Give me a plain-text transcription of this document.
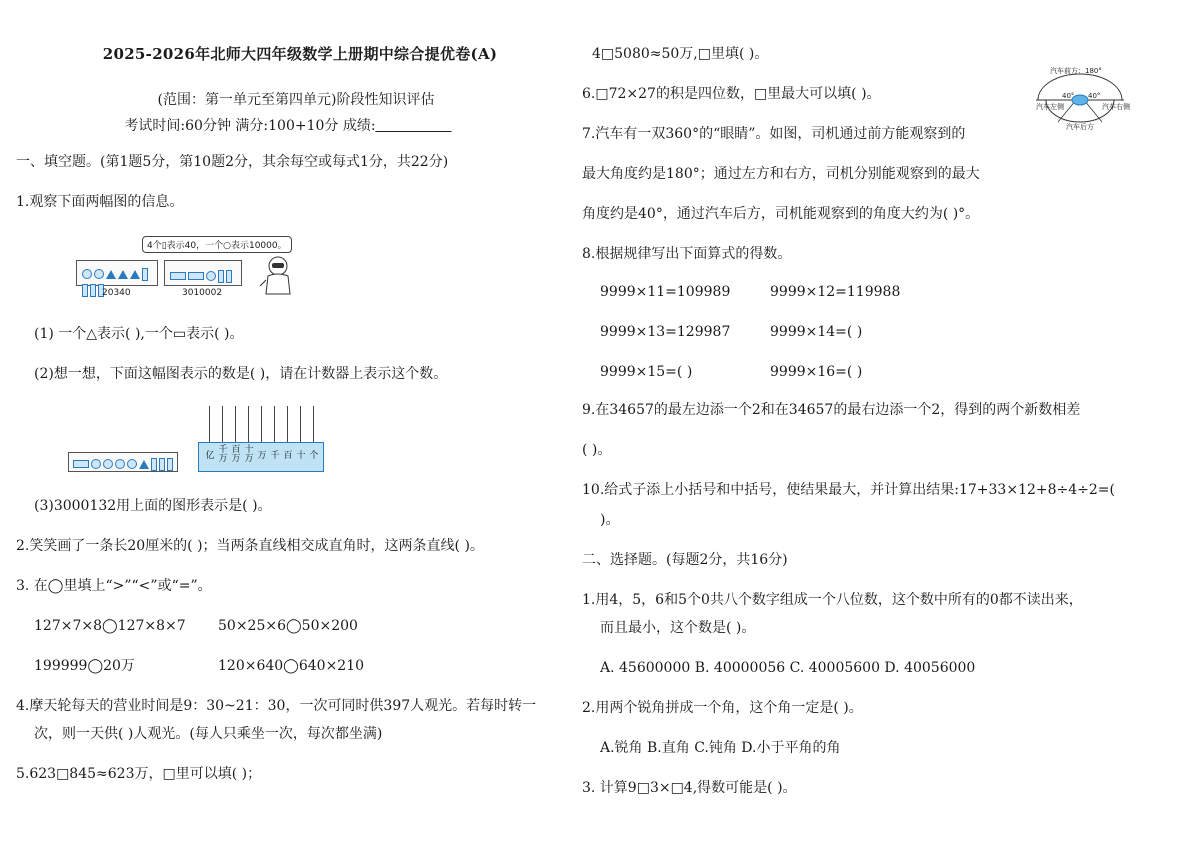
2025-2026年北师大四年级数学上册期中综合提优卷(A)
(范围：第一单元至第四单元)阶段性知识评估
考试时间:60分钟 满分:100+10分 成绩:
一、填空题。(第1题5分，第10题2分，其余每空或每式1分，共22分)
1.观察下面两幅图的信息。
4个▯表示40，一个○表示10000。
20340	3010002
(1) 一个△表示( ),一个▭表示( )。
(2)想一想，下面这幅图表示的数是( )，请在计数器上表示这个数。
亿
千万
百万
十万 万 千 百 十 个
(3)3000132用上面的图形表示是( )。
2.笑笑画了一条长20厘米的( )；当两条直线相交成直角时，这两条直线( )。
3. 在◯里填上“>”“<”或“=”。
127×7×8◯127×8×7 50×25×6◯50×200
199999◯20万	120×640◯640×210
4.摩天轮每天的营业时间是9：30~21：30，一次可同时供397人观光。若每时转一
次，则一天供( )人观光。(每人只乘坐一次，每次都坐满)
5.623□845≈623万，□里可以填( )；
4□5080≈50万,□里填( )。
6.□72×27的积是四位数，□里最大可以填( )。
汽车前方：180°
汽车左侧	汽车右侧
40° 40°
汽车后方
7.汽车有一双360°的“眼睛”。如图，司机通过前方能观察到的
最大角度约是180°；通过左方和右方，司机分别能观察到的最大
角度约是40°，通过汽车后方，司机能观察到的角度大约为( )°。
8.根据规律写出下面算式的得数。
9999×11=109989	9999×12=119988
9999×13=129987	9999×14=( )
9999×15=( )	9999×16=( )
9.在34657的最左边添一个2和在34657的最右边添一个2，得到的两个新数相差
( )。
10.给式子添上小括号和中括号，使结果最大，并计算出结果:17+33×12+8÷4÷2=(
)。
二、选择题。(每题2分，共16分)
1.用4，5，6和5个0共八个数字组成一个八位数，这个数中所有的0都不读出来，
而且最小，这个数是( )。
A. 45600000 B. 40000056 C. 40005600 D. 40056000
2.用两个锐角拼成一个角，这个角一定是( )。
A.锐角 B.直角 C.钝角 D.小于平角的角
3. 计算9□3×□4,得数可能是( )。
